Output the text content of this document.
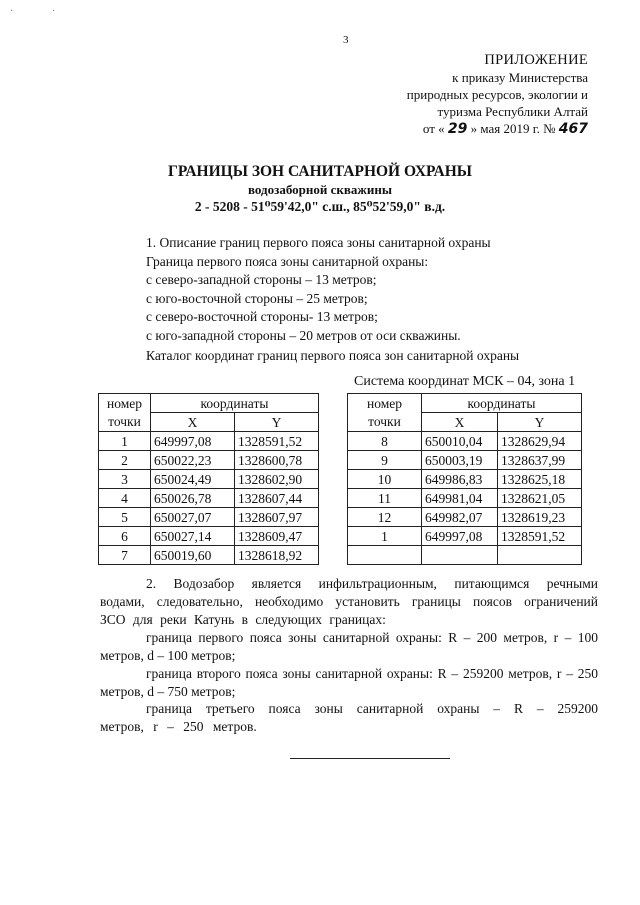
· ·
3
ПРИЛОЖЕНИЕ
к приказу Министерства
природных ресурсов, экологии и
туризма Республики Алтай
от « 29 » мая 2019 г. № 467
ГРАНИЦЫ ЗОН САНИТАРНОЙ ОХРАНЫ
водозаборной скважины
2 - 5208 - 51⁰59'42,0" с.ш., 85⁰52'59,0" в.д.
1. Описание границ первого пояса зоны санитарной охраны
Граница первого пояса зоны санитарной охраны:
с северо-западной стороны – 13 метров;
с юго-восточной стороны – 25 метров;
с северо-восточной стороны- 13 метров;
с юго-западной стороны – 20 метров от оси скважины.
Каталог координат границ первого пояса зон санитарной охраны
Система координат МСК – 04, зона 1
номер	координаты	
точки	X	Y
1	649997,08	1328591,52
2	650022,23	1328600,78
3	650024,49	1328602,90
4	650026,78	1328607,44
5	650027,07	1328607,97
6	650027,14	1328609,47
7	650019,60	1328618,92
номер	координаты	
точки	X	Y
8	650010,04	1328629,94
9	650003,19	1328637,99
10	649986,83	1328625,18
11	649981,04	1328621,05
12	649982,07	1328619,23
1	649997,08	1328591,52

2. Водозабор является инфильтрационным, питающимся речными водами, следовательно, необходимо установить границы поясов ограничений ЗСО для реки Катунь в следующих границах:
граница первого пояса зоны санитарной охраны: R – 200 метров, r – 100 метров, d – 100 метров;
граница второго пояса зоны санитарной охраны: R – 259200 метров, r – 250 метров, d – 750 метров;
граница третьего пояса зоны санитарной охраны – R – 259200 метров, r – 250 метров.
